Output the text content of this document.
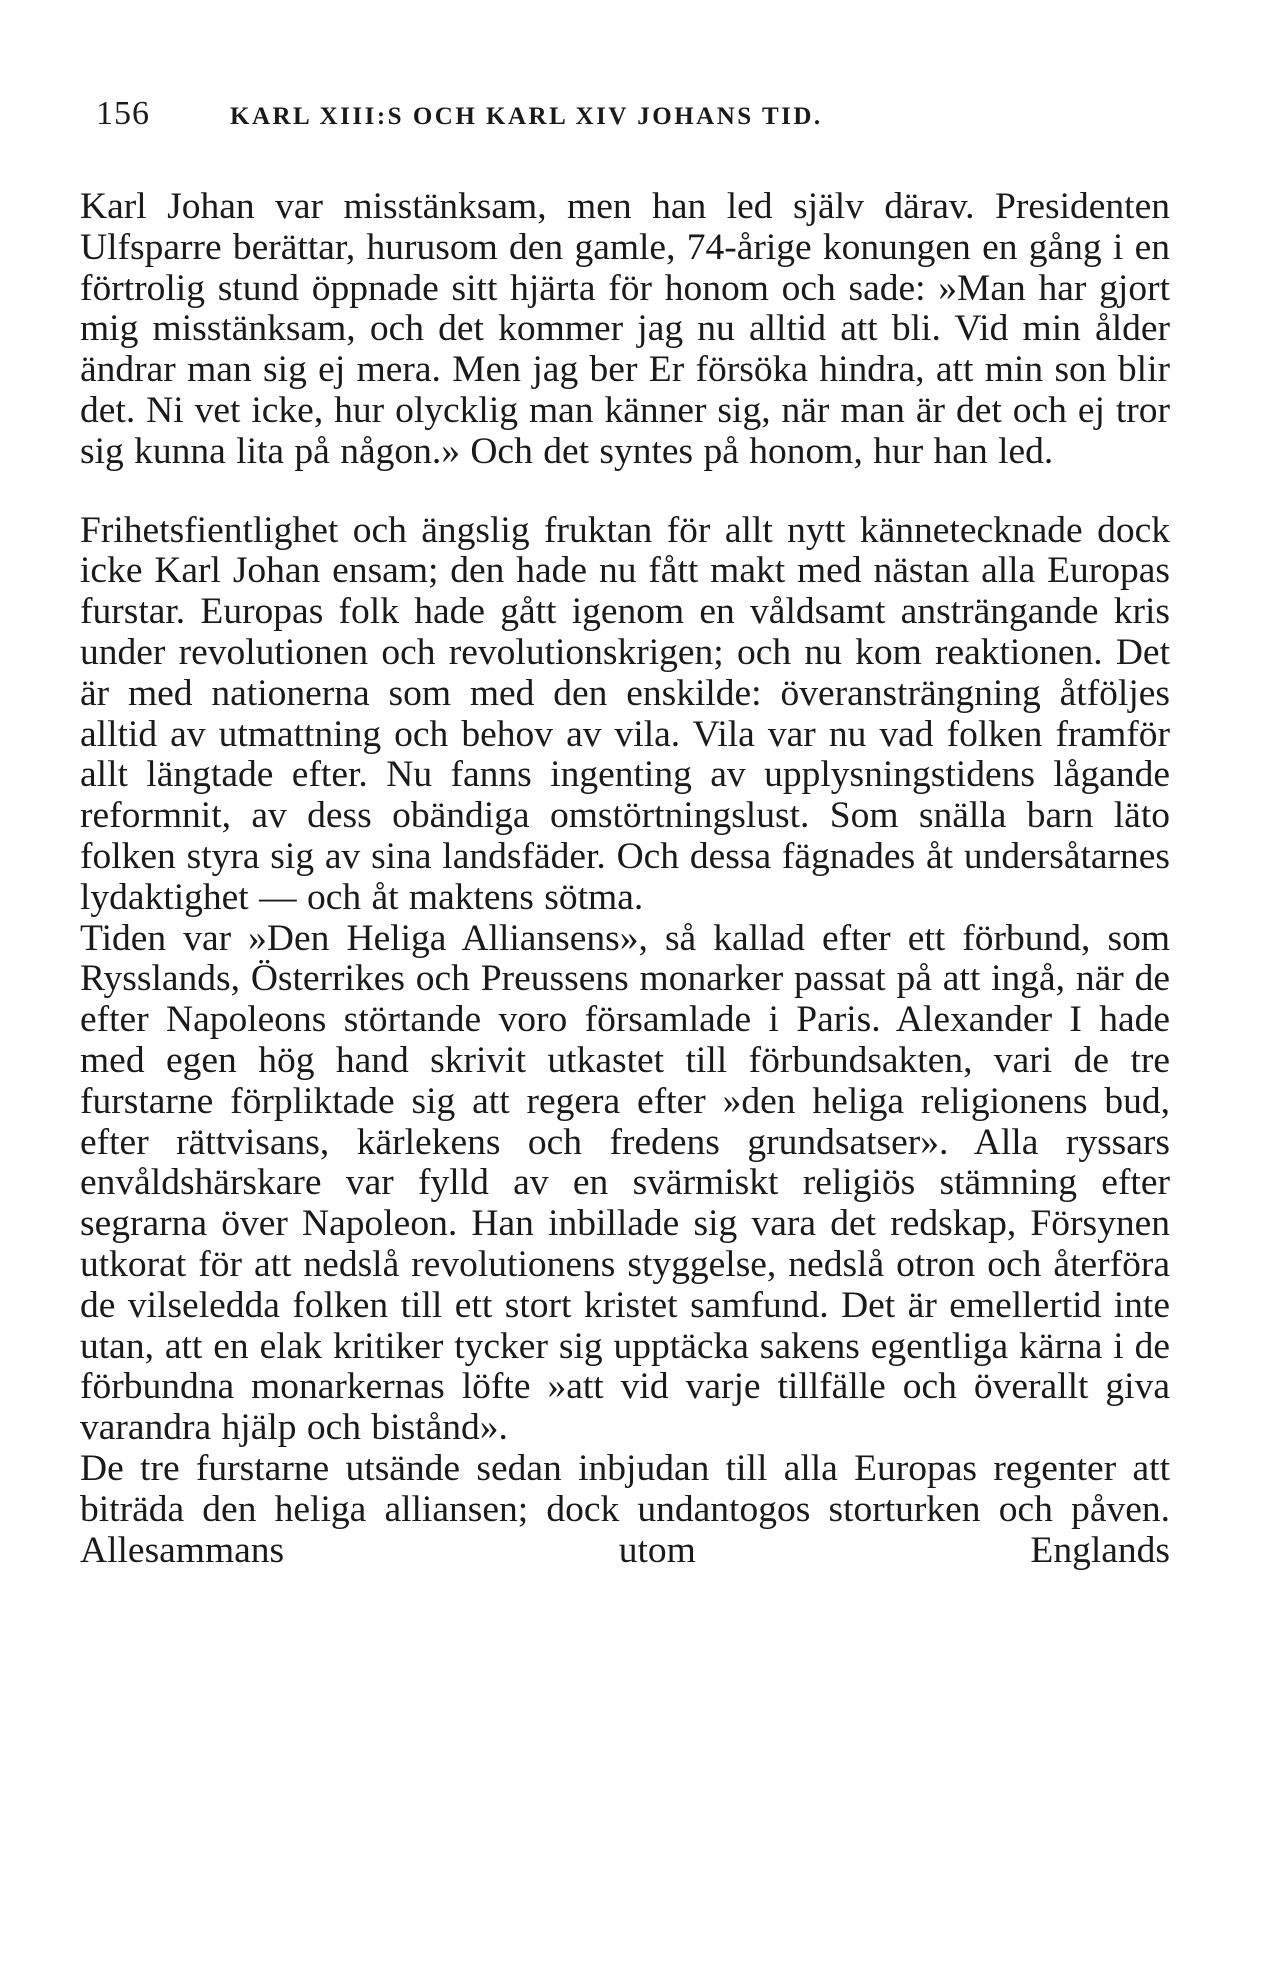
156	KARL XIII:S OCH KARL XIV JOHANS TID.

Karl Johan var misstänksam, men han led själv därav. Presidenten Ulfsparre berättar, hurusom den gamle, 74-årige konungen en gång i en förtrolig stund öppnade sitt hjärta för honom och sade: »Man har gjort mig misstänksam, och det kommer jag nu alltid att bli. Vid min ålder ändrar man sig ej mera. Men jag ber Er försöka hindra, att min son blir det. Ni vet icke, hur olycklig man känner sig, när man är det och ej tror sig kunna lita på någon.» Och det syntes på honom, hur han led.

Frihetsfientlighet och ängslig fruktan för allt nytt kännetecknade dock icke Karl Johan ensam; den hade nu fått makt med nästan alla Europas furstar. Europas folk hade gått igenom en våldsamt ansträngande kris under revolutionen och revolutionskrigen; och nu kom reaktionen. Det är med nationerna som med den enskilde: överansträngning åtföljes alltid av utmattning och behov av vila. Vila var nu vad folken framför allt längtade efter. Nu fanns ingenting av upplysningstidens lågande reformnit, av dess obändiga omstörtningslust. Som snälla barn läto folken styra sig av sina landsfäder. Och dessa fägnades åt undersåtarnes lydaktighet — och åt maktens sötma.

Tiden var »Den Heliga Alliansens», så kallad efter ett förbund, som Rysslands, Österrikes och Preussens monarker passat på att ingå, när de efter Napoleons störtande voro församlade i Paris. Alexander I hade med egen hög hand skrivit utkastet till förbundsakten, vari de tre furstarne förpliktade sig att regera efter »den heliga religionens bud, efter rättvisans, kärlekens och fredens grundsatser». Alla ryssars envåldshärskare var fylld av en svärmiskt religiös stämning efter segrarna över Napoleon. Han inbillade sig vara det redskap, Försynen utkorat för att nedslå revolutionens styggelse, nedslå otron och återföra de vilseledda folken till ett stort kristet samfund. Det är emellertid inte utan, att en elak kritiker tycker sig upptäcka sakens egentliga kärna i de förbundna monarkernas löfte »att vid varje tillfälle och överallt giva varandra hjälp och bistånd».

De tre furstarne utsände sedan inbjudan till alla Europas regenter att biträda den heliga alliansen; dock undantogos storturken och påven. Allesammans utom Englands
